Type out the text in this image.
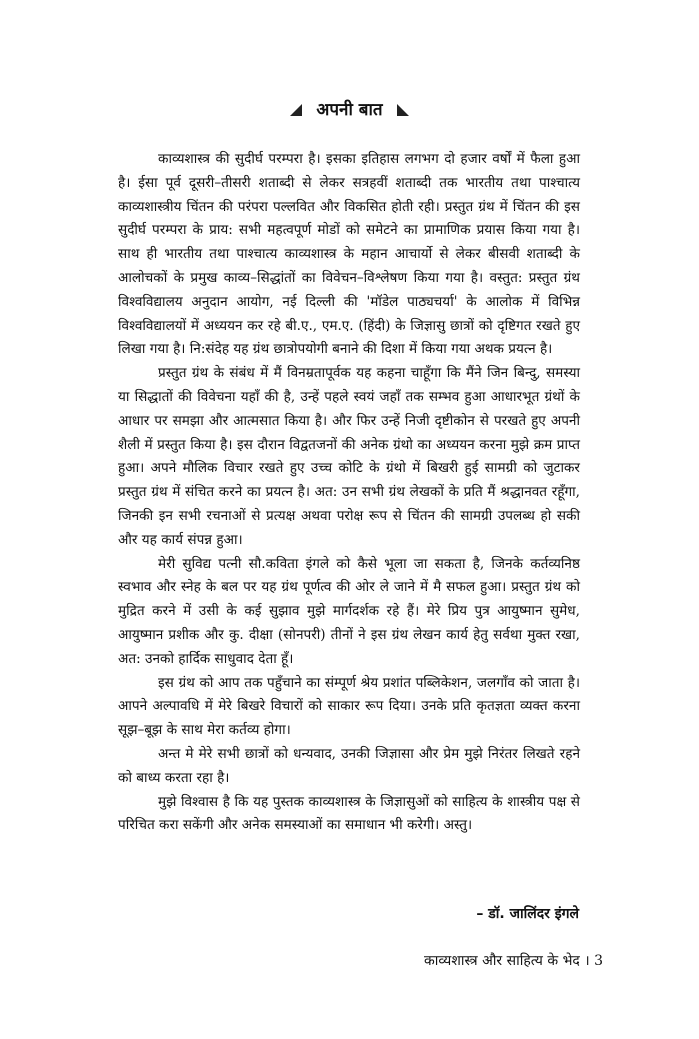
अपनी बात

काव्यशास्त्र की सुदीर्घ परम्परा है। इसका इतिहास लगभग दो हजार वर्षों में फैला हुआ है। ईसा पूर्व दूसरी–तीसरी शताब्दी से लेकर सत्रहवीं शताब्दी तक भारतीय तथा पाश्चात्य काव्यशास्त्रीय चिंतन की परंपरा पल्लवित और विकसित होती रही। प्रस्तुत ग्रंथ में चिंतन की इस सुदीर्घ परम्परा के प्राय: सभी महत्वपूर्ण मोडों को समेटने का प्रामाणिक प्रयास किया गया है। साथ ही भारतीय तथा पाश्चात्य काव्यशास्त्र के महान आचार्यो से लेकर बीसवी शताब्दी के आलोचकों के प्रमुख काव्य–सिद्धांतों का विवेचन–विश्लेषण किया गया है। वस्तुत: प्रस्तुत ग्रंथ विश्वविद्यालय अनुदान आयोग, नई दिल्ली की 'मॉडेल पाठ्यचर्या' के आलोक में विभिन्न विश्वविद्यालयों में अध्ययन कर रहे बी.ए., एम.ए. (हिंदी) के जिज्ञासु छात्रों को दृष्टिगत रखते हुए लिखा गया है। नि:संदेह यह ग्रंथ छात्रोपयोगी बनाने की दिशा में किया गया अथक प्रयत्न है।

प्रस्तुत ग्रंथ के संबंध में मैं विनम्रतापूर्वक यह कहना चाहूँगा कि मैंने जिन बिन्दु, समस्या या सिद्धातों की विवेचना यहाँ की है, उन्हें पहले स्वयं जहाँ तक सम्भव हुआ आधारभूत ग्रंथों के आधार पर समझा और आत्मसात किया है। और फिर उन्हें निजी दृष्टीकोन से परखते हुए अपनी शैली में प्रस्तुत किया है। इस दौरान विद्वतजनों की अनेक ग्रंथो का अध्ययन करना मुझे क्रम प्राप्त हुआ। अपने मौलिक विचार रखते हुए उच्च कोटि के ग्रंथो में बिखरी हुई सामग्री को जुटाकर प्रस्तुत ग्रंथ में संचित करने का प्रयत्न है। अत: उन सभी ग्रंथ लेखकों के प्रति मैं श्रद्धानवत रहूँगा, जिनकी इन सभी रचनाओं से प्रत्यक्ष अथवा परोक्ष रूप से चिंतन की सामग्री उपलब्ध हो सकी और यह कार्य संपन्न हुआ।

मेरी सुविद्य पत्नी सौ.कविता इंगले को कैसे भूला जा सकता है, जिनके कर्तव्यनिष्ठ स्वभाव और स्नेह के बल पर यह ग्रंथ पूर्णत्व की ओर ले जाने में मै सफल हुआ। प्रस्तुत ग्रंथ को मुद्रित करने में उसी के कई सुझाव मुझे मार्गदर्शक रहे हैं। मेरे प्रिय पुत्र आयुष्मान सुमेध, आयुष्मान प्रशीक और कु. दीक्षा (सोनपरी) तीनों ने इस ग्रंथ लेखन कार्य हेतु सर्वथा मुक्त रखा, अत: उनको हार्दिक साधुवाद देता हूँ।

इस ग्रंथ को आप तक पहुँचाने का संम्पूर्ण श्रेय प्रशांत पब्लिकेशन, जलगाँव को जाता है। आपने अल्पावधि में मेरे बिखरे विचारों को साकार रूप दिया। उनके प्रति कृतज्ञता व्यक्त करना सूझ–बूझ के साथ मेरा कर्तव्य होगा।

अन्त मे मेरे सभी छात्रों को धन्यवाद, उनकी जिज्ञासा और प्रेम मुझे निरंतर लिखते रहने को बाध्य करता रहा है।

मुझे विश्वास है कि यह पुस्तक काव्यशास्त्र के जिज्ञासुओं को साहित्य के शास्त्रीय पक्ष से परिचित करा सकेंगी और अनेक समस्याओं का समाधान भी करेगी। अस्तु।

– डॉ. जालिंदर इंगले
काव्यशास्त्र और साहित्य के भेद । 3
